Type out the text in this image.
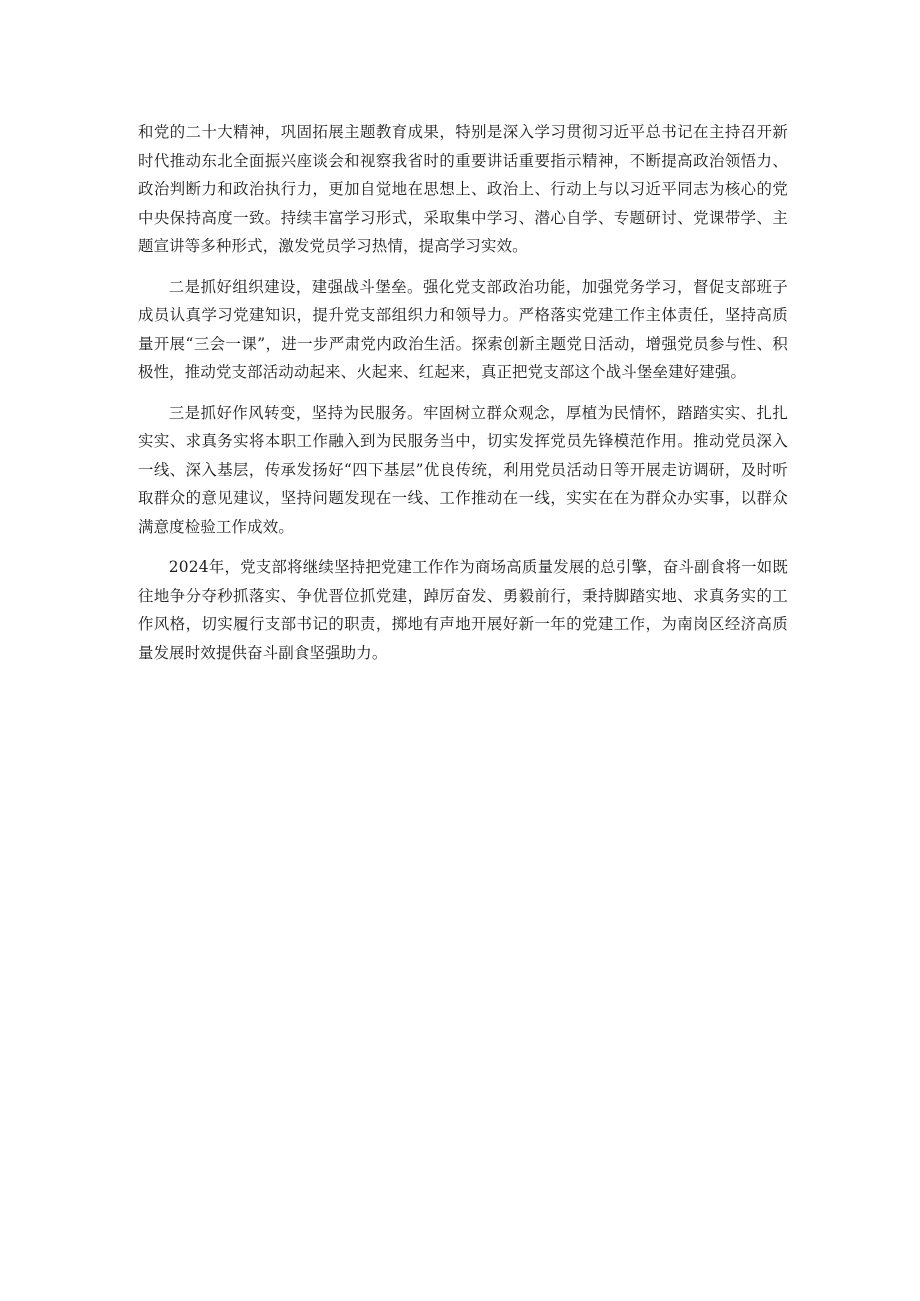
和党的二十大精神，巩固拓展主题教育成果，特别是深入学习贯彻习近平总书记在主持召开新时代推动东北全面振兴座谈会和视察我省时的重要讲话重要指示精神，不断提高政治领悟力、政治判断力和政治执行力，更加自觉地在思想上、政治上、行动上与以习近平同志为核心的党中央保持高度一致。持续丰富学习形式，采取集中学习、潜心自学、专题研讨、党课带学、主题宣讲等多种形式，激发党员学习热情，提高学习实效。

二是抓好组织建设，建强战斗堡垒。强化党支部政治功能，加强党务学习，督促支部班子成员认真学习党建知识，提升党支部组织力和领导力。严格落实党建工作主体责任，坚持高质量开展“三会一课”，进一步严肃党内政治生活。探索创新主题党日活动，增强党员参与性、积极性，推动党支部活动动起来、火起来、红起来，真正把党支部这个战斗堡垒建好建强。

三是抓好作风转变，坚持为民服务。牢固树立群众观念，厚植为民情怀，踏踏实实、扎扎实实、求真务实将本职工作融入到为民服务当中，切实发挥党员先锋模范作用。推动党员深入一线、深入基层，传承发扬好“四下基层”优良传统，利用党员活动日等开展走访调研，及时听取群众的意见建议，坚持问题发现在一线、工作推动在一线，实实在在为群众办实事，以群众满意度检验工作成效。

2024年，党支部将继续坚持把党建工作作为商场高质量发展的总引擎，奋斗副食将一如既往地争分夺秒抓落实、争优晋位抓党建，踔厉奋发、勇毅前行，秉持脚踏实地、求真务实的工作风格，切实履行支部书记的职责，掷地有声地开展好新一年的党建工作，为南岗区经济高质量发展时效提供奋斗副食坚强助力。
